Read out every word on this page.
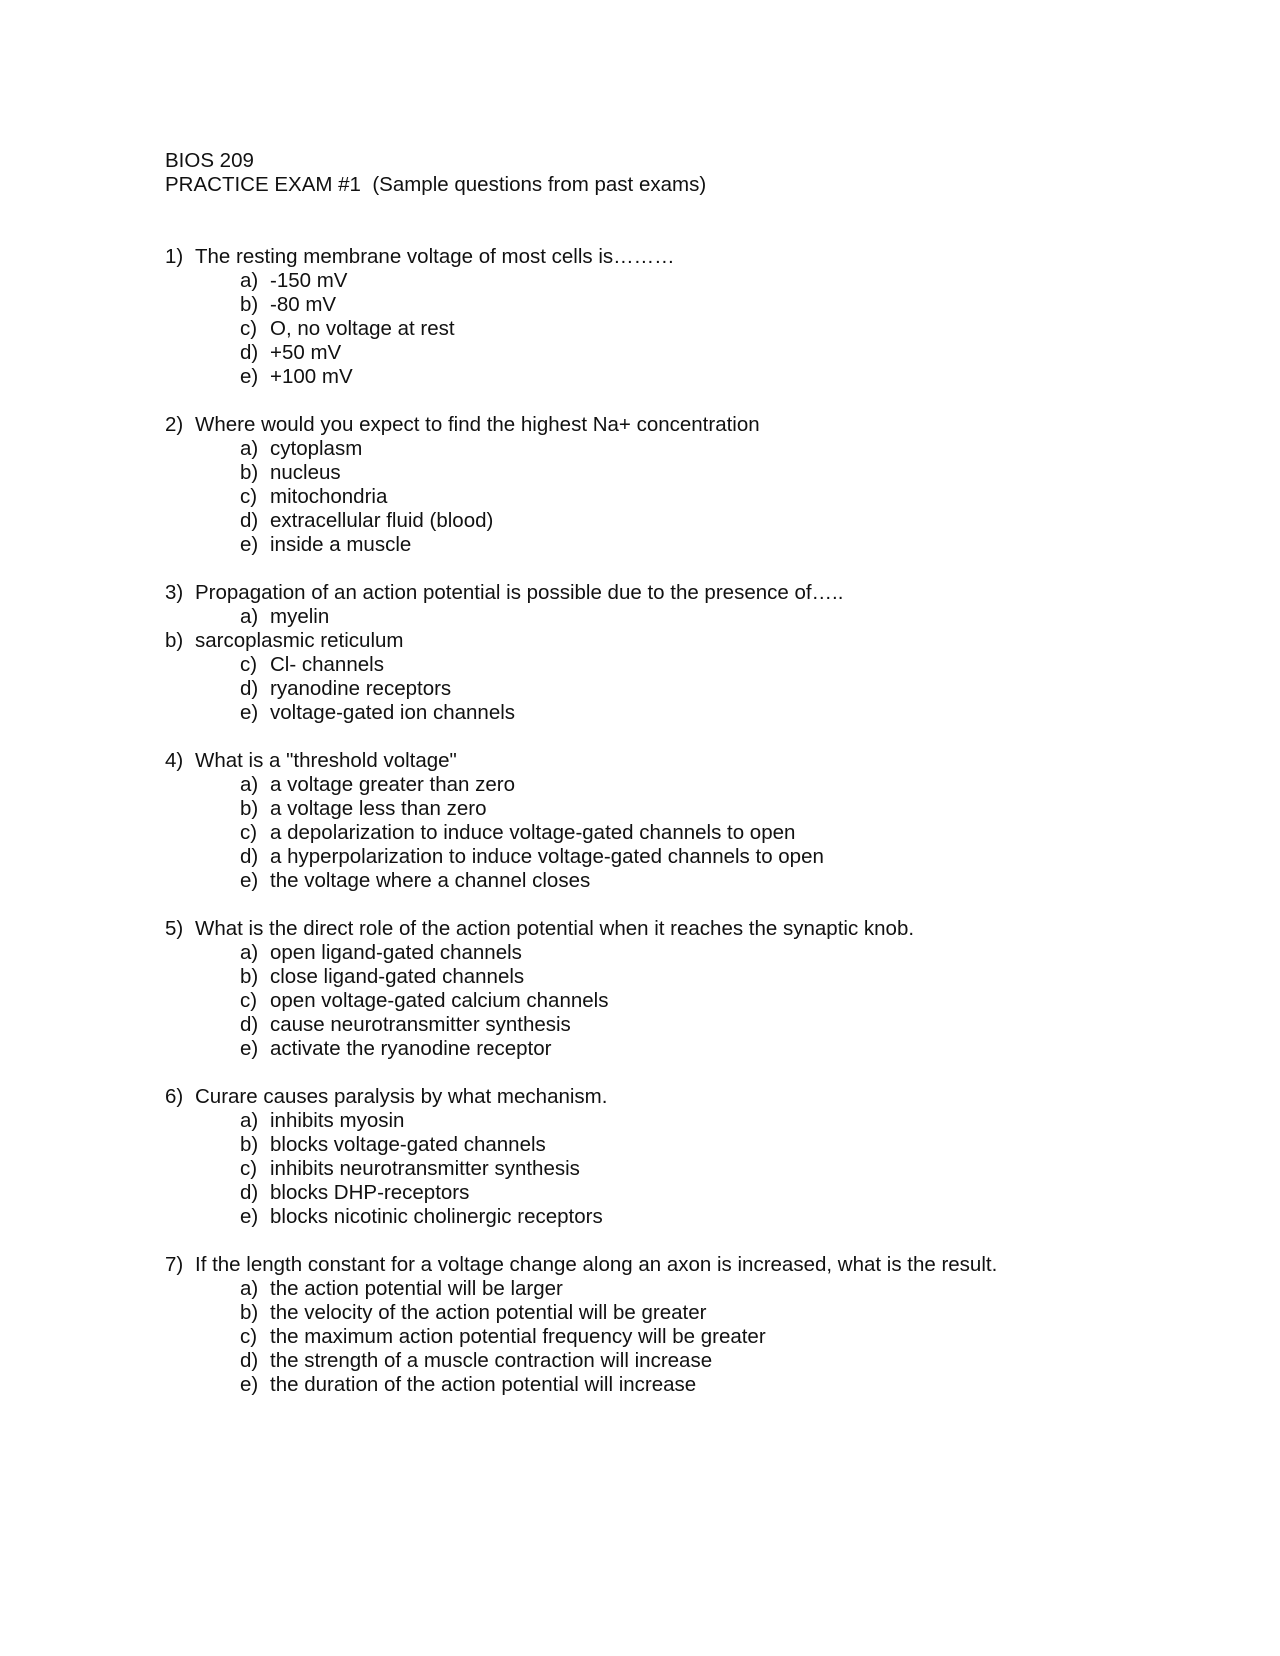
BIOS 209
PRACTICE EXAM #1  (Sample questions from past exams)
1) The resting membrane voltage of most cells is………
a) -150 mV
b) -80 mV
c) O, no voltage at rest
d) +50 mV
e) +100 mV
2) Where would you expect to find the highest Na+ concentration
a) cytoplasm
b) nucleus
c) mitochondria
d) extracellular fluid (blood)
e) inside a muscle
3) Propagation of an action potential is possible due to the presence of…..
a) myelin
b) sarcoplasmic reticulum
c) Cl- channels
d) ryanodine receptors
e) voltage-gated ion channels
4) What is a "threshold voltage"
a) a voltage greater than zero
b) a voltage less than zero
c) a depolarization to induce voltage-gated channels to open
d) a hyperpolarization to induce voltage-gated channels to open
e) the voltage where a channel closes
5) What is the direct role of the action potential when it reaches the synaptic knob.
a) open ligand-gated channels
b) close ligand-gated channels
c) open voltage-gated calcium channels
d) cause neurotransmitter synthesis
e) activate the ryanodine receptor
6) Curare causes paralysis by what mechanism.
a) inhibits myosin
b) blocks voltage-gated channels
c) inhibits neurotransmitter synthesis
d) blocks DHP-receptors
e) blocks nicotinic cholinergic receptors
7) If the length constant for a voltage change along an axon is increased, what is the result.
a) the action potential will be larger
b) the velocity of the action potential will be greater
c) the maximum action potential frequency will be greater
d) the strength of a muscle contraction will increase
e) the duration of the action potential will increase
